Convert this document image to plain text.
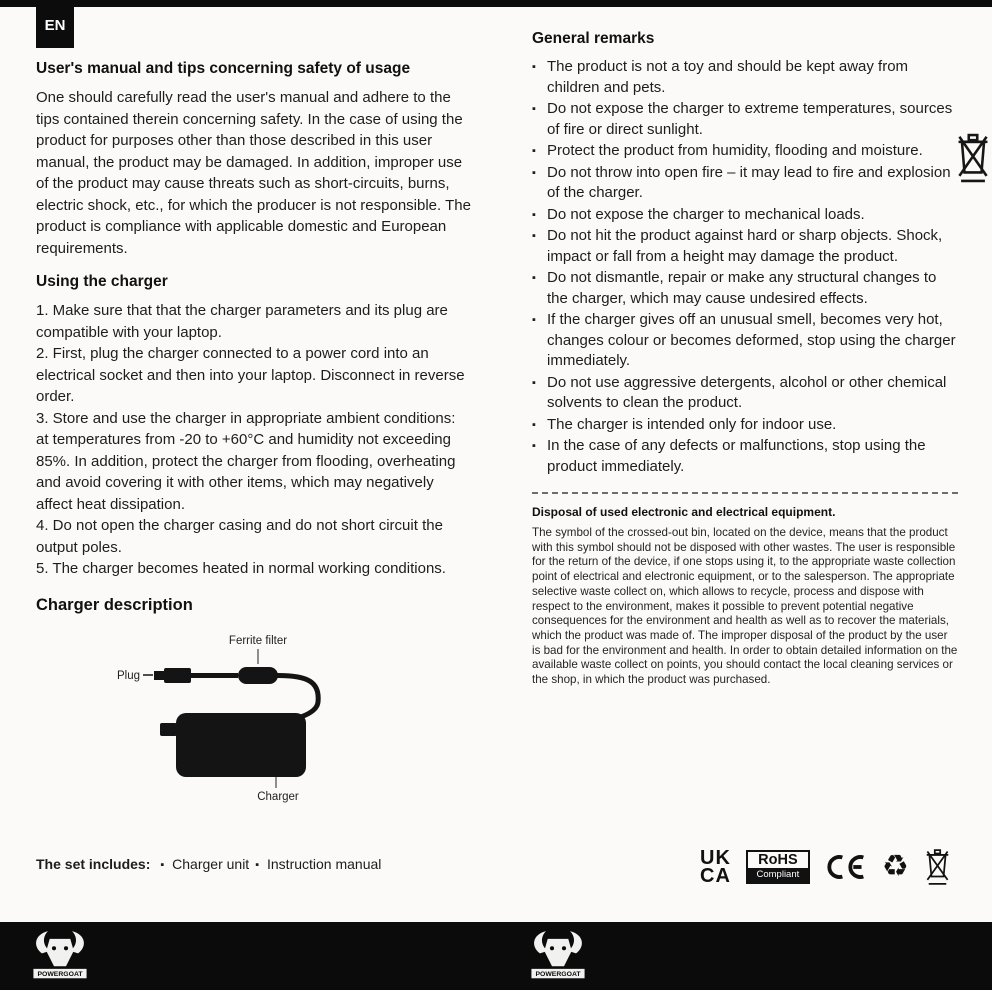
EN
User's manual and tips concerning safety of usage

One should carefully read the user's manual and adhere to the tips contained therein concerning safety. In the case of using the product for purposes other than those described in this user manual, the product may be damaged. In addition, improper use of the product may cause threats such as short-circuits, burns, electric shock, etc., for which the producer is not responsible. The product is compliance with applicable domestic and European requirements.

Using the charger

1. Make sure that that the charger parameters and its plug are compatible with your laptop.

2. First, plug the charger connected to a power cord into an electrical socket and then into your laptop. Disconnect in reverse order.

3. Store and use the charger in appropriate ambient conditions: at temperatures from -20 to +60°C and humidity not exceeding 85%. In addition, protect the charger from flooding, overheating and avoid covering it with other items, which may negatively affect heat dissipation.

4. Do not open the charger casing and do not short circuit the output poles.

5. The charger becomes heated in normal working conditions.

Charger description
Ferrite filter
Plug
Charger

The set includes: ▪ Charger unit ▪ Instruction manual

General remarks
▪ The product is not a toy and should be kept away from children and pets.
▪ Do not expose the charger to extreme temperatures, sources of fire or direct sunlight.
▪ Protect the product from humidity, flooding and moisture.
▪ Do not throw into open fire – it may lead to fire and explosion of the charger.
▪ Do not expose the charger to mechanical loads.
▪ Do not hit the product against hard or sharp objects. Shock, impact or fall from a height may damage the product.
▪ Do not dismantle, repair or make any structural changes to the charger, which may cause undesired effects.
▪ If the charger gives off an unusual smell, becomes very hot, changes colour or becomes deformed, stop using the charger immediately.
▪ Do not use aggressive detergents, alcohol or other chemical solvents to clean the product.
▪ The charger is intended only for indoor use.
▪ In the case of any defects or malfunctions, stop using the product immediately.

Disposal of used electronic and electrical equipment.

The symbol of the crossed-out bin, located on the device, means that the product with this symbol should not be disposed with other wastes. The user is responsible for the return of the device, if one stops using it, to the appropriate waste collection point of electrical and electronic equipment, or to the salesperson. The appropriate selective waste collect on, which allows to recycle, process and dispose with respect to the environment, makes it possible to prevent potential negative consequences for the environment and health as well as to recover the materials, which the product was made of. The improper disposal of the product by the user is bad for the environment and health. In order to obtain detailed information on the available waste collect on points, you should contact the local cleaning services or the shop, in which the product was purchased.

UK
CA
RoHS
Compliant	♻
POWERGOAT	POWERGOAT
